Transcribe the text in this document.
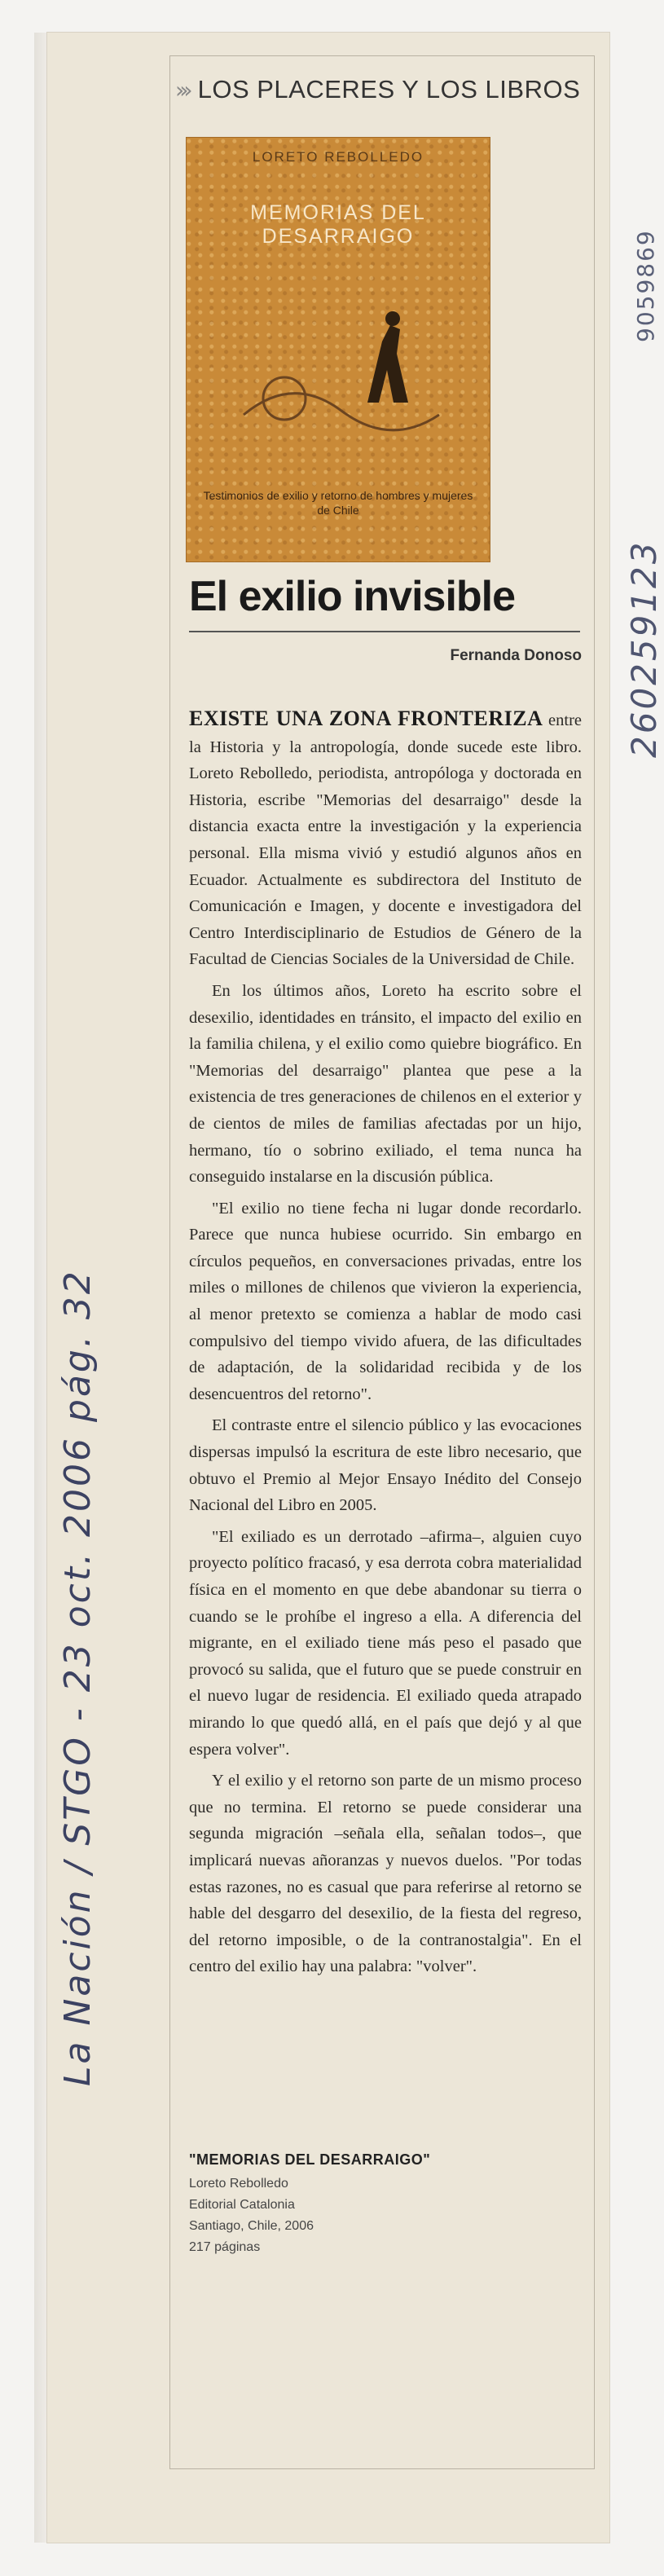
››› LOS PLACERES Y LOS LIBROS
LORETO REBOLLEDO
MEMORIAS DEL DESARRAIGO
Testimonios de exilio y retorno de hombres y mujeres de Chile
El exilio invisible
Fernanda Donoso

EXISTE UNA ZONA FRONTERIZA entre la Historia y la antropología, donde sucede este libro. Loreto Rebolledo, periodista, antropóloga y doctorada en Historia, escribe "Memorias del desarraigo" desde la distancia exacta entre la investigación y la experiencia personal. Ella misma vivió y estudió algunos años en Ecuador. Actualmente es subdirectora del Instituto de Comunicación e Imagen, y docente e investigadora del Centro Interdisciplinario de Estudios de Género de la Facultad de Ciencias Sociales de la Universidad de Chile.

En los últimos años, Loreto ha escrito sobre el desexilio, identidades en tránsito, el impacto del exilio en la familia chilena, y el exilio como quiebre biográfico. En "Memorias del desarraigo" plantea que pese a la existencia de tres generaciones de chilenos en el exterior y de cientos de miles de familias afectadas por un hijo, hermano, tío o sobrino exiliado, el tema nunca ha conseguido instalarse en la discusión pública.

"El exilio no tiene fecha ni lugar donde recordarlo. Parece que nunca hubiese ocurrido. Sin embargo en círculos pequeños, en conversaciones privadas, entre los miles o millones de chilenos que vivieron la experiencia, al menor pretexto se comienza a hablar de modo casi compulsivo del tiempo vivido afuera, de las dificultades de adaptación, de la solidaridad recibida y de los desencuentros del retorno".

El contraste entre el silencio público y las evocaciones dispersas impulsó la escritura de este libro necesario, que obtuvo el Premio al Mejor Ensayo Inédito del Consejo Nacional del Libro en 2005.

"El exiliado es un derrotado –afirma–, alguien cuyo proyecto político fracasó, y esa derrota cobra materialidad física en el momento en que debe abandonar su tierra o cuando se le prohíbe el ingreso a ella. A diferencia del migrante, en el exiliado tiene más peso el pasado que provocó su salida, que el futuro que se puede construir en el nuevo lugar de residencia. El exiliado queda atrapado mirando lo que quedó allá, en el país que dejó y al que espera volver".

Y el exilio y el retorno son parte de un mismo proceso que no termina. El retorno se puede considerar una segunda migración –señala ella, señalan todos–, que implicará nuevas añoranzas y nuevos duelos. "Por todas estas razones, no es casual que para referirse al retorno se hable del desgarro del desexilio, de la fiesta del regreso, del retorno imposible, o de la contranostalgia". En el centro del exilio hay una palabra: "volver".

"MEMORIAS DEL DESARRAIGO"
Loreto Rebolledo
Editorial Catalonia
Santiago, Chile, 2006
217 páginas
La Nación / STGO - 23 oct. 2006 pág. 32
9059869
260259123
